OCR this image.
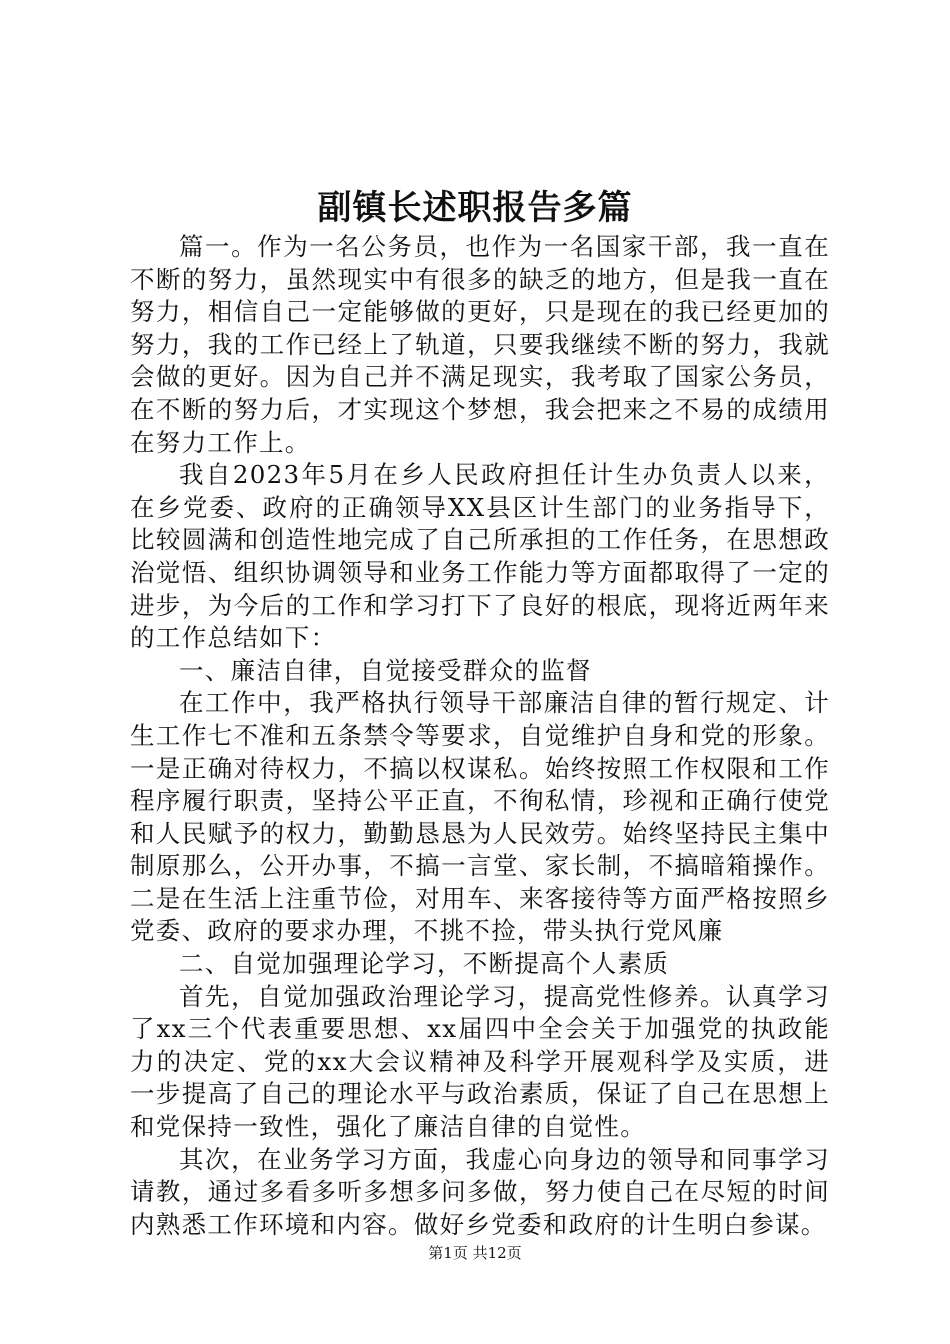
副镇长述职报告多篇

篇一。作为一名公务员，也作为一名国家干部，我一直在不断的努力，虽然现实中有很多的缺乏的地方，但是我一直在努力，相信自己一定能够做的更好，只是现在的我已经更加的努力，我的工作已经上了轨道，只要我继续不断的努力，我就会做的更好。因为自己并不满足现实，我考取了国家公务员，在不断的努力后，才实现这个梦想，我会把来之不易的成绩用在努力工作上。

我自2023年5月在乡人民政府担任计生办负责人以来，在乡党委、政府的正确领导XX县区计生部门的业务指导下，比较圆满和创造性地完成了自己所承担的工作任务，在思想政治觉悟、组织协调领导和业务工作能力等方面都取得了一定的进步，为今后的工作和学习打下了良好的根底，现将近两年来的工作总结如下：

一、廉洁自律，自觉接受群众的监督

在工作中，我严格执行领导干部廉洁自律的暂行规定、计生工作七不准和五条禁令等要求，自觉维护自身和党的形象。一是正确对待权力，不搞以权谋私。始终按照工作权限和工作程序履行职责，坚持公平正直，不徇私情，珍视和正确行使党和人民赋予的权力，勤勤恳恳为人民效劳。始终坚持民主集中制原那么，公开办事，不搞一言堂、家长制，不搞暗箱操作。二是在生活上注重节俭，对用车、来客接待等方面严格按照乡党委、政府的要求办理，不挑不捡，带头执行党风廉

二、自觉加强理论学习，不断提高个人素质

首先，自觉加强政治理论学习，提高党性修养。认真学习了xx三个代表重要思想、xx届四中全会关于加强党的执政能力的决定、党的xx大会议精神及科学开展观科学及实质，进一步提高了自己的理论水平与政治素质，保证了自己在思想上和党保持一致性，强化了廉洁自律的自觉性。

其次，在业务学习方面，我虚心向身边的领导和同事学习请教，通过多看多听多想多问多做，努力使自己在尽短的时间内熟悉工作环境和内容。做好乡党委和政府的计生明白参谋。

第1页 共12页
